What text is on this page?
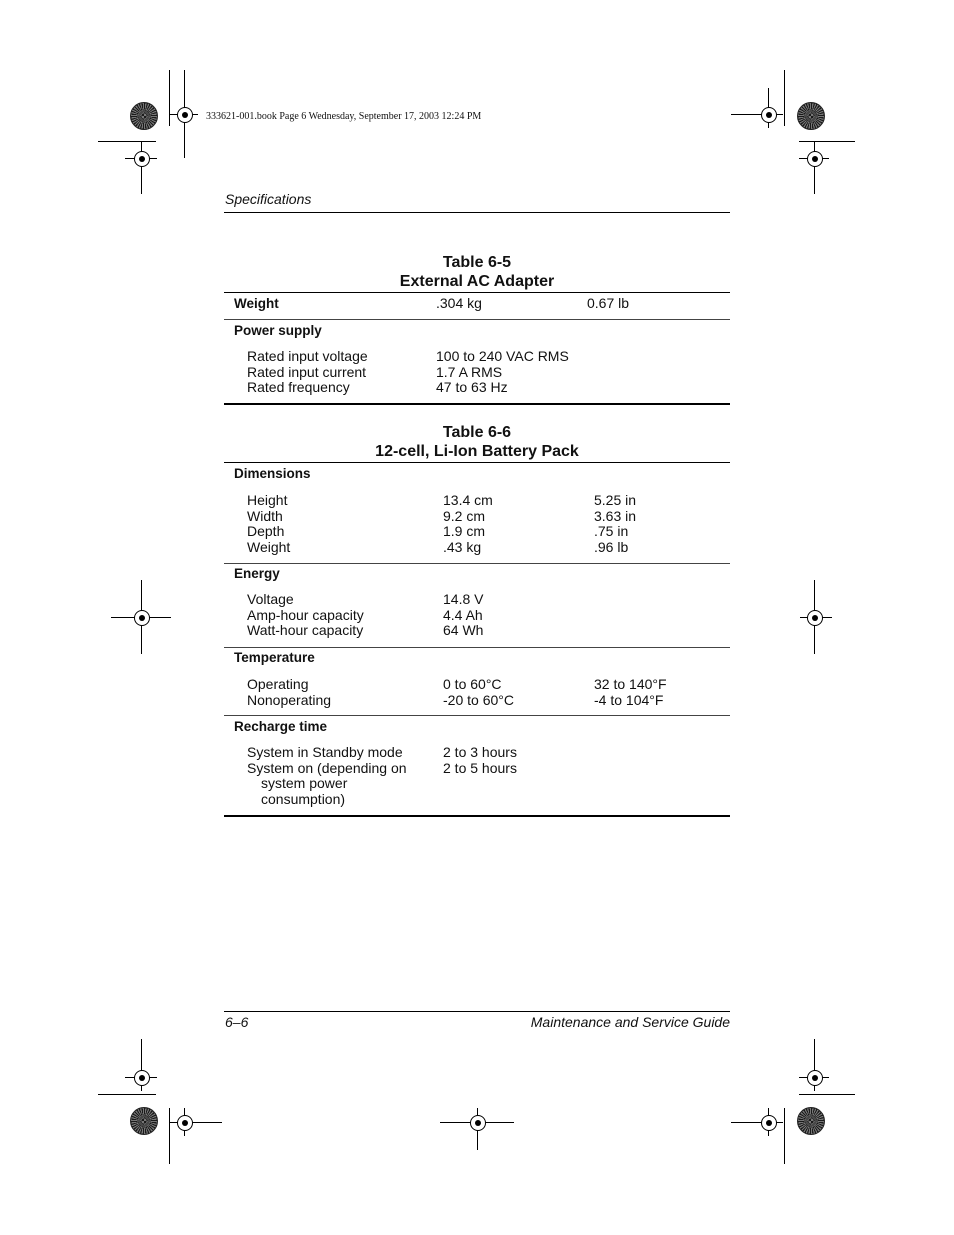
333621-001.book Page 6 Wednesday, September 17, 2003 12:24 PM
Specifications
Table 6-5
External AC Adapter
Weight	.304 kg	0.67 lb
Power supply
Rated input voltage	100 to 240 VAC RMS
Rated input current	1.7 A RMS
Rated frequency	47 to 63 Hz
Table 6-6
12-cell, Li-Ion Battery Pack
Dimensions
Height	13.4 cm	5.25 in
Width	9.2 cm	3.63 in
Depth	1.9 cm	.75 in
Weight	.43 kg	.96 lb
Energy
Voltage	14.8 V
Amp-hour capacity	4.4 Ah
Watt-hour capacity	64 Wh
Temperature
Operating	0 to 60°C	32 to 140°F
Nonoperating	-20 to 60°C	-4 to 104°F
Recharge time
System in Standby mode	2 to 3 hours
System on (depending on	2 to 5 hours
system power
consumption)
6–6	Maintenance and Service Guide
